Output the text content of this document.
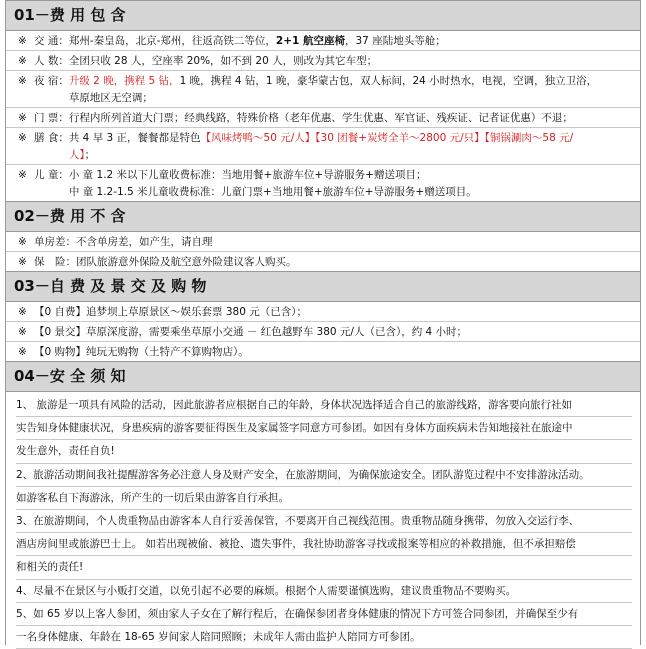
01－费 用 包 含
※ 交 通： 郑州-秦皇岛，北京-郑州，往返高铁二等位，2+1 航空座椅，37 座陆地头等舱；
※ 人 数： 全团只收 28 人，空座率 20%，如不到 20 人，则改为其它车型；
※ 夜 宿： 升级 2 晚，携程 5 钻，1 晚，携程 4 钻，1 晚，豪华蒙古包，双人标间，24 小时热水，电视，空调，独立卫浴，
草原地区无空调；
※ 门 票： 行程内所列首道大门票；经典线路，特殊价格（老年优惠、学生优惠、军官证、残疾证、记者证优惠）不退；
※ 膳 食： 共 4 早 3 正，餐餐都是特色【风味烤鸭～50 元/人】【30 团餐+炭烤全羊～2800 元/只】【铜锅涮肉～58 元/
人】；
※ 儿 童： 小 童 1.2 米以下儿童收费标准：当地用餐+旅游车位+导游服务+赠送项目；
中 童 1.2-1.5 米儿童收费标准：儿童门票+当地用餐+旅游车位+导游服务+赠送项目。
02－费 用 不 含
※ 单房差：不含单房差，如产生，请自理
※ 保　险：团队旅游意外保险及航空意外险建议客人购买。
03－自 费 及 景 交 及 购 物
※ 【0 自费】追梦坝上草原景区～娱乐套票 380 元（已含）；
※ 【0 景交】草原深度游，需要乘坐草原小交通 － 红色越野车 380 元/人（已含），约 4 小时；
※ 【0 购物】纯玩无购物（土特产不算购物店）。
04－安 全 须 知

1、 旅游是一项具有风险的活动，因此旅游者应根据自己的年龄，身体状况选择适合自己的旅游线路，游客要向旅行社如

实告知身体健康状况，身患疾病的游客要征得医生及家属签字同意方可参团。如因有身体方面疾病未告知地接社在旅途中

发生意外，责任自负!

2、旅游活动期间我社提醒游客务必注意人身及财产安全，在旅游期间，为确保旅途安全。团队游览过程中不安排游泳活动。

如游客私自下海游泳，所产生的一切后果由游客自行承担。

3、在旅游期间，个人贵重物品由游客本人自行妥善保管，不要离开自己视线范围。贵重物品随身携带，勿放入交运行李、

酒店房间里或旅游巴士上。 如若出现被偷、被抢、遗失事件，我社协助游客寻找或报案等相应的补救措施，但不承担赔偿

和相关的责任!

4、尽量不在景区与小贩打交道，以免引起不必要的麻烦。根据个人需要谨慎选购，建议贵重物品不要购买。

5、如 65 岁以上客人参团，须由家人子女在了解行程后，在确保参团者身体健康的情况下方可签合同参团，并确保至少有

一名身体健康、年龄在 18-65 岁间家人陪同照顾；未成年人需由监护人陪同方可参团。
